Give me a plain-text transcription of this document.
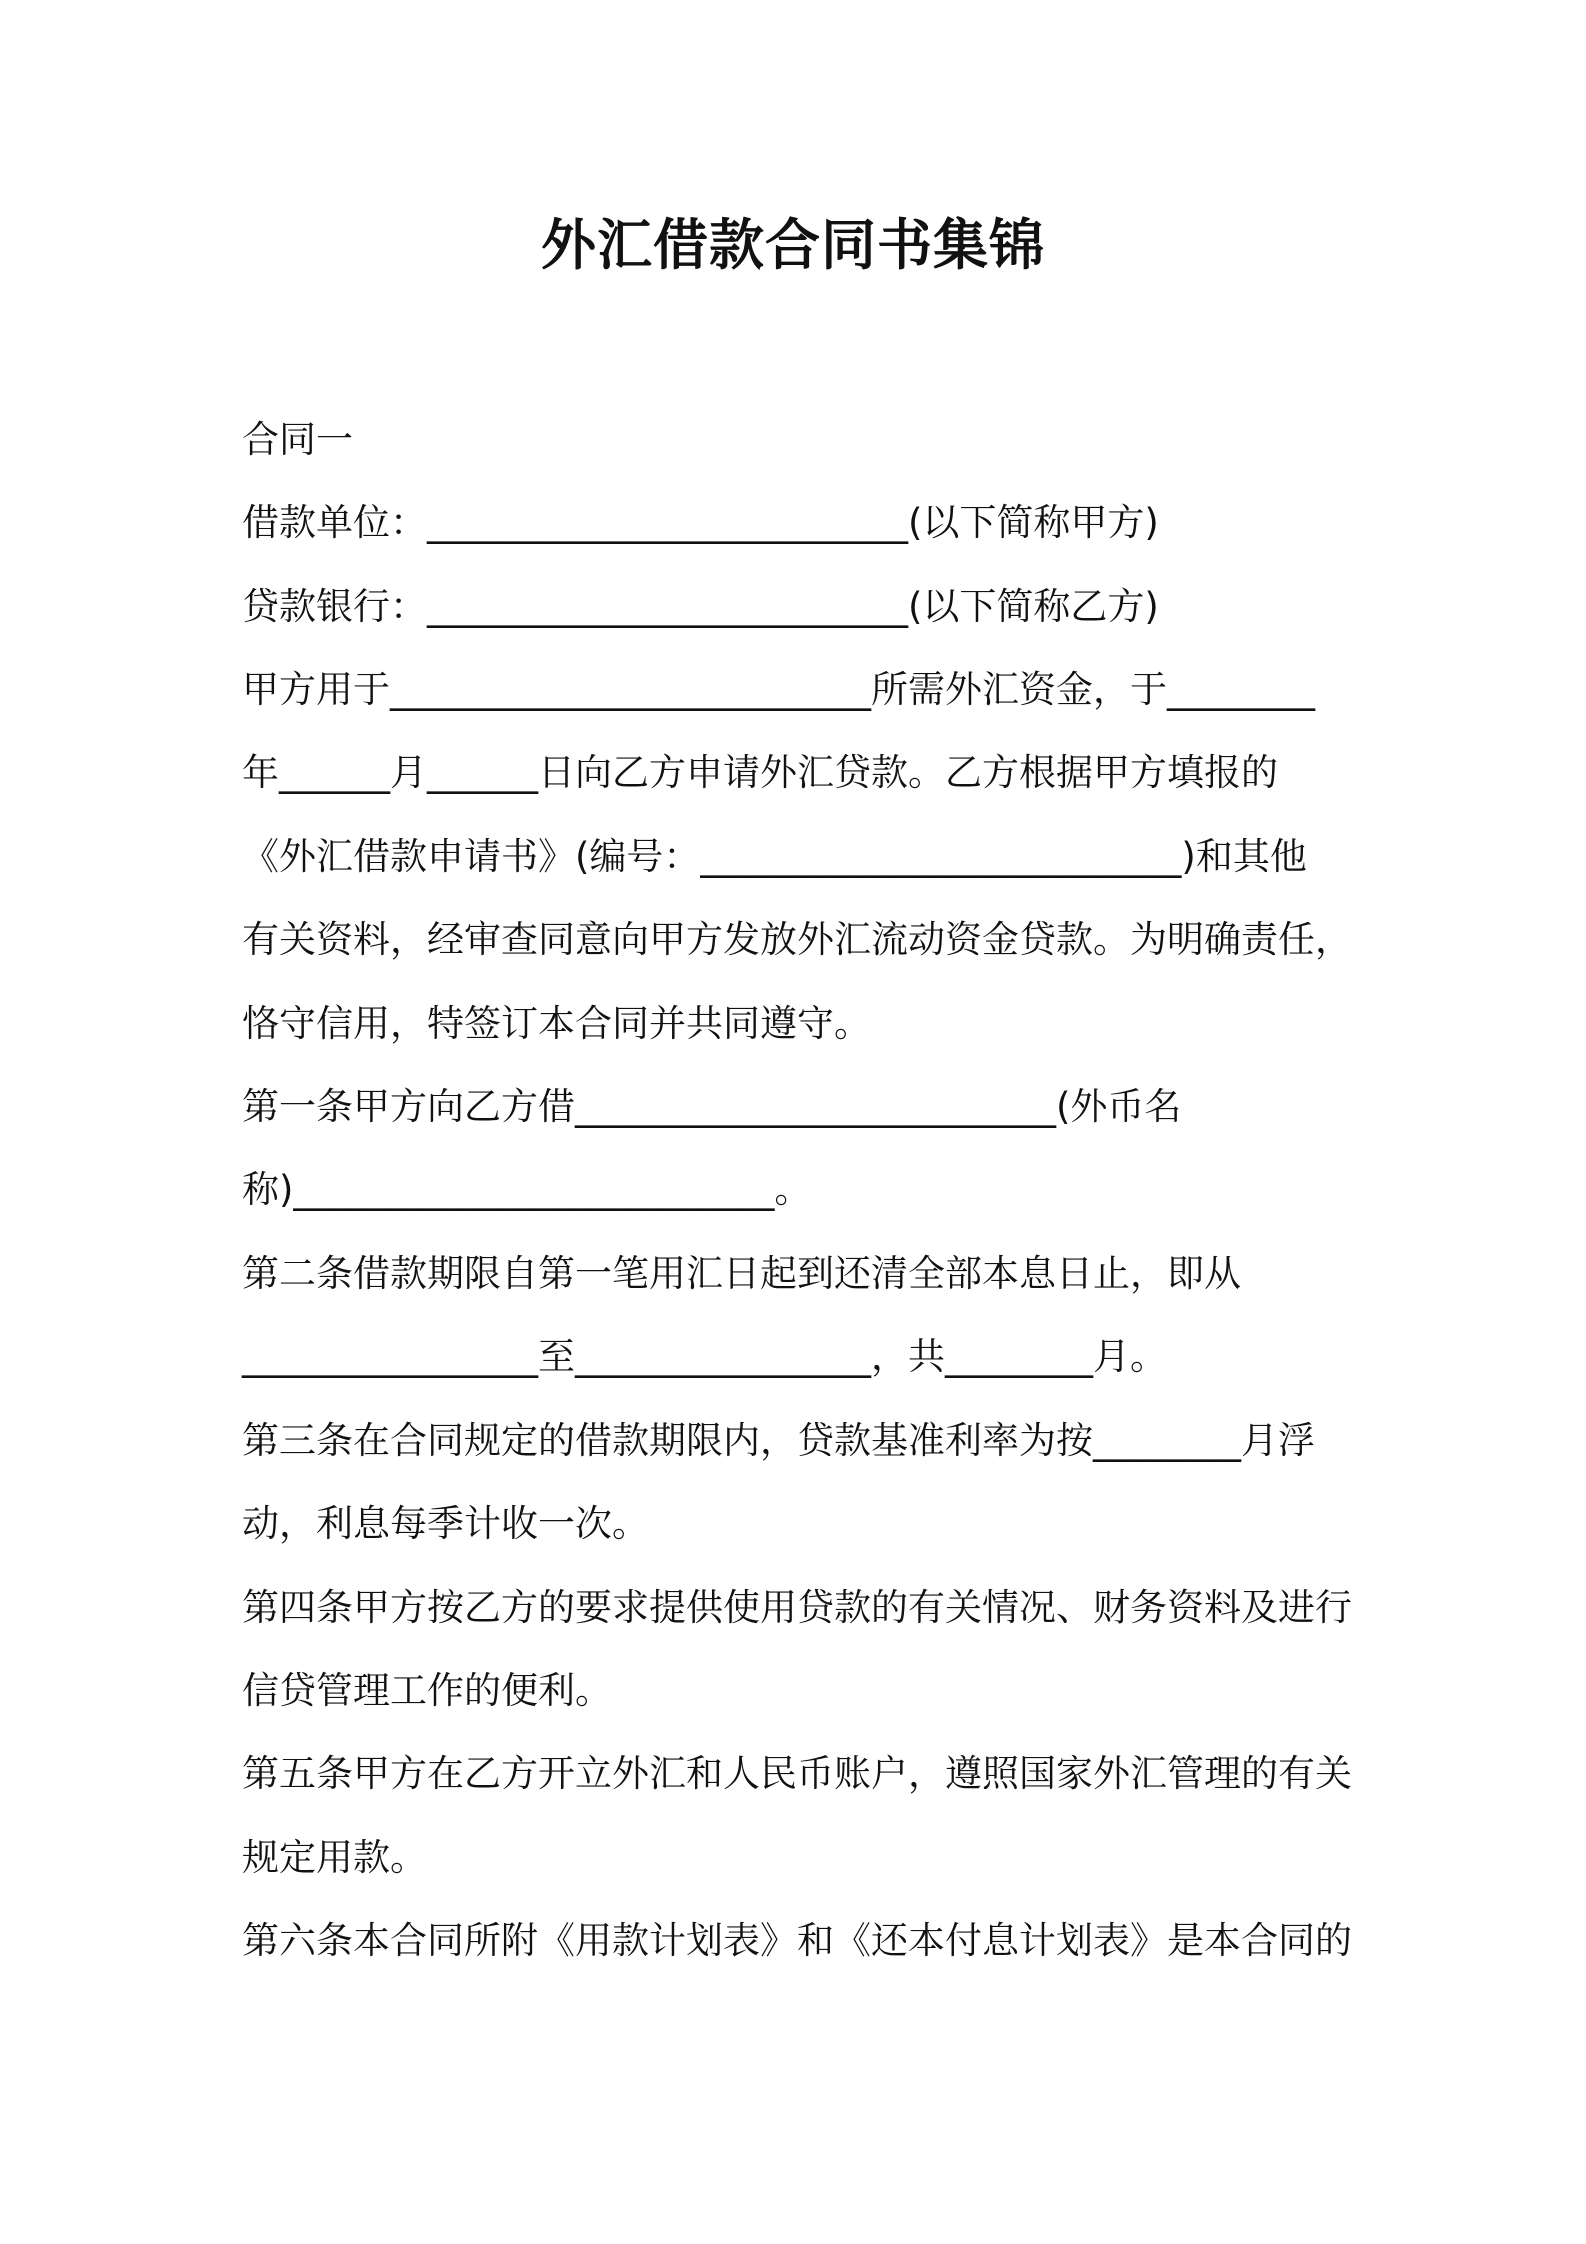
外汇借款合同书集锦
合同一
借款单位：__________________________(以下简称甲方)
贷款银行：__________________________(以下简称乙方)
甲方用于__________________________所需外汇资金，于________
年______月______日向乙方申请外汇贷款。乙方根据甲方填报的
《外汇借款申请书》(编号：__________________________)和其他
有关资料，经审查同意向甲方发放外汇流动资金贷款。为明确责任，
恪守信用，特签订本合同并共同遵守。
第一条甲方向乙方借__________________________(外币名
称)__________________________。
第二条借款期限自第一笔用汇日起到还清全部本息日止，即从
________________至________________，共________月。
第三条在合同规定的借款期限内，贷款基准利率为按________月浮
动，利息每季计收一次。
第四条甲方按乙方的要求提供使用贷款的有关情况、财务资料及进行
信贷管理工作的便利。
第五条甲方在乙方开立外汇和人民币账户，遵照国家外汇管理的有关
规定用款。
第六条本合同所附《用款计划表》和《还本付息计划表》是本合同的
